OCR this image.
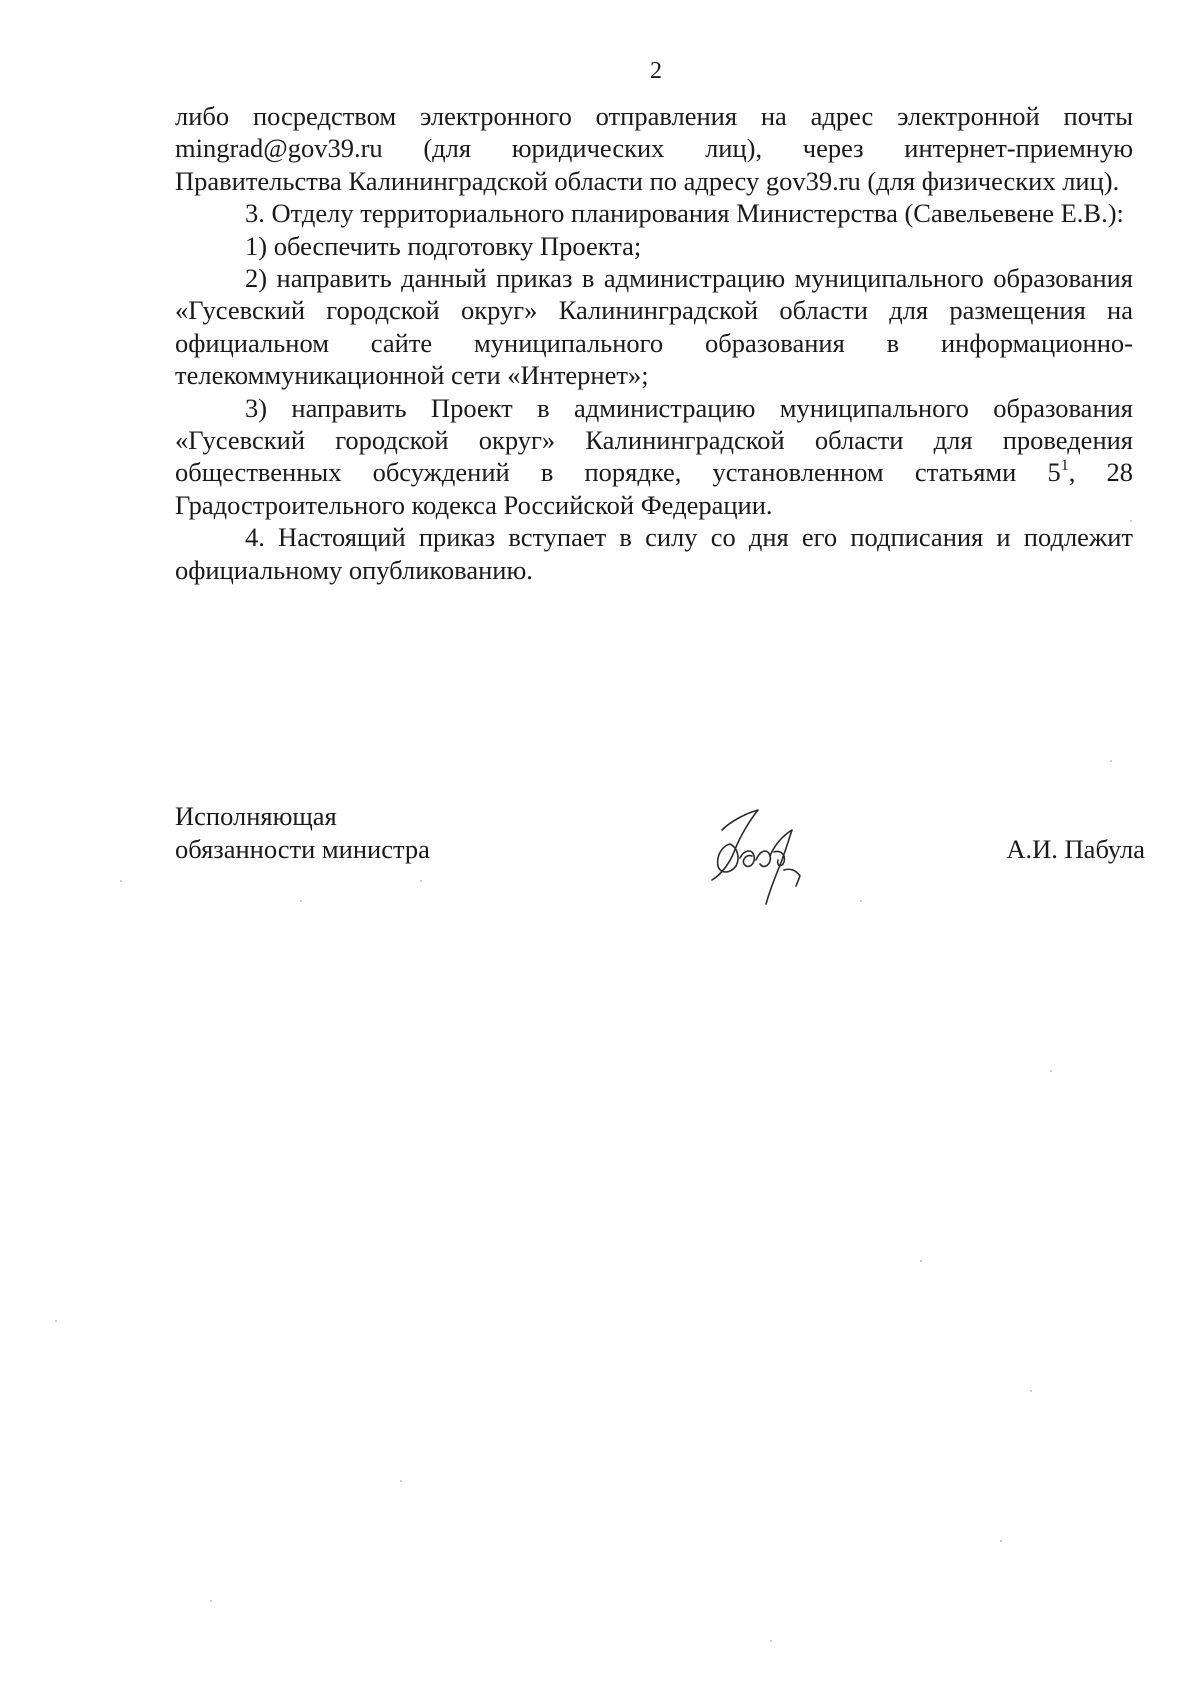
2

либо посредством электронного отправления на адрес электронной почты mingrad@gov39.ru (для юридических лиц), через интернет-приемную Правительства Калининградской области по адресу gov39.ru (для физических лиц).

3. Отделу территориального планирования Министерства (Савельевене Е.В.):

1) обеспечить подготовку Проекта;

2) направить данный приказ в администрацию муниципального образования «Гусевский городской округ» Калининградской области для размещения на официальном сайте муниципального образования в информационно-телекоммуникационной сети «Интернет»;

3) направить Проект в администрацию муниципального образования «Гусевский городской округ» Калининградской области для проведения общественных обсуждений в порядке, установленном статьями $5^1$, 28 Градостроительного кодекса Российской Федерации.

4. Настоящий приказ вступает в силу со дня его подписания и подлежит официальному опубликованию.

Исполняющая
обязанности министра	А.И. Пабула
